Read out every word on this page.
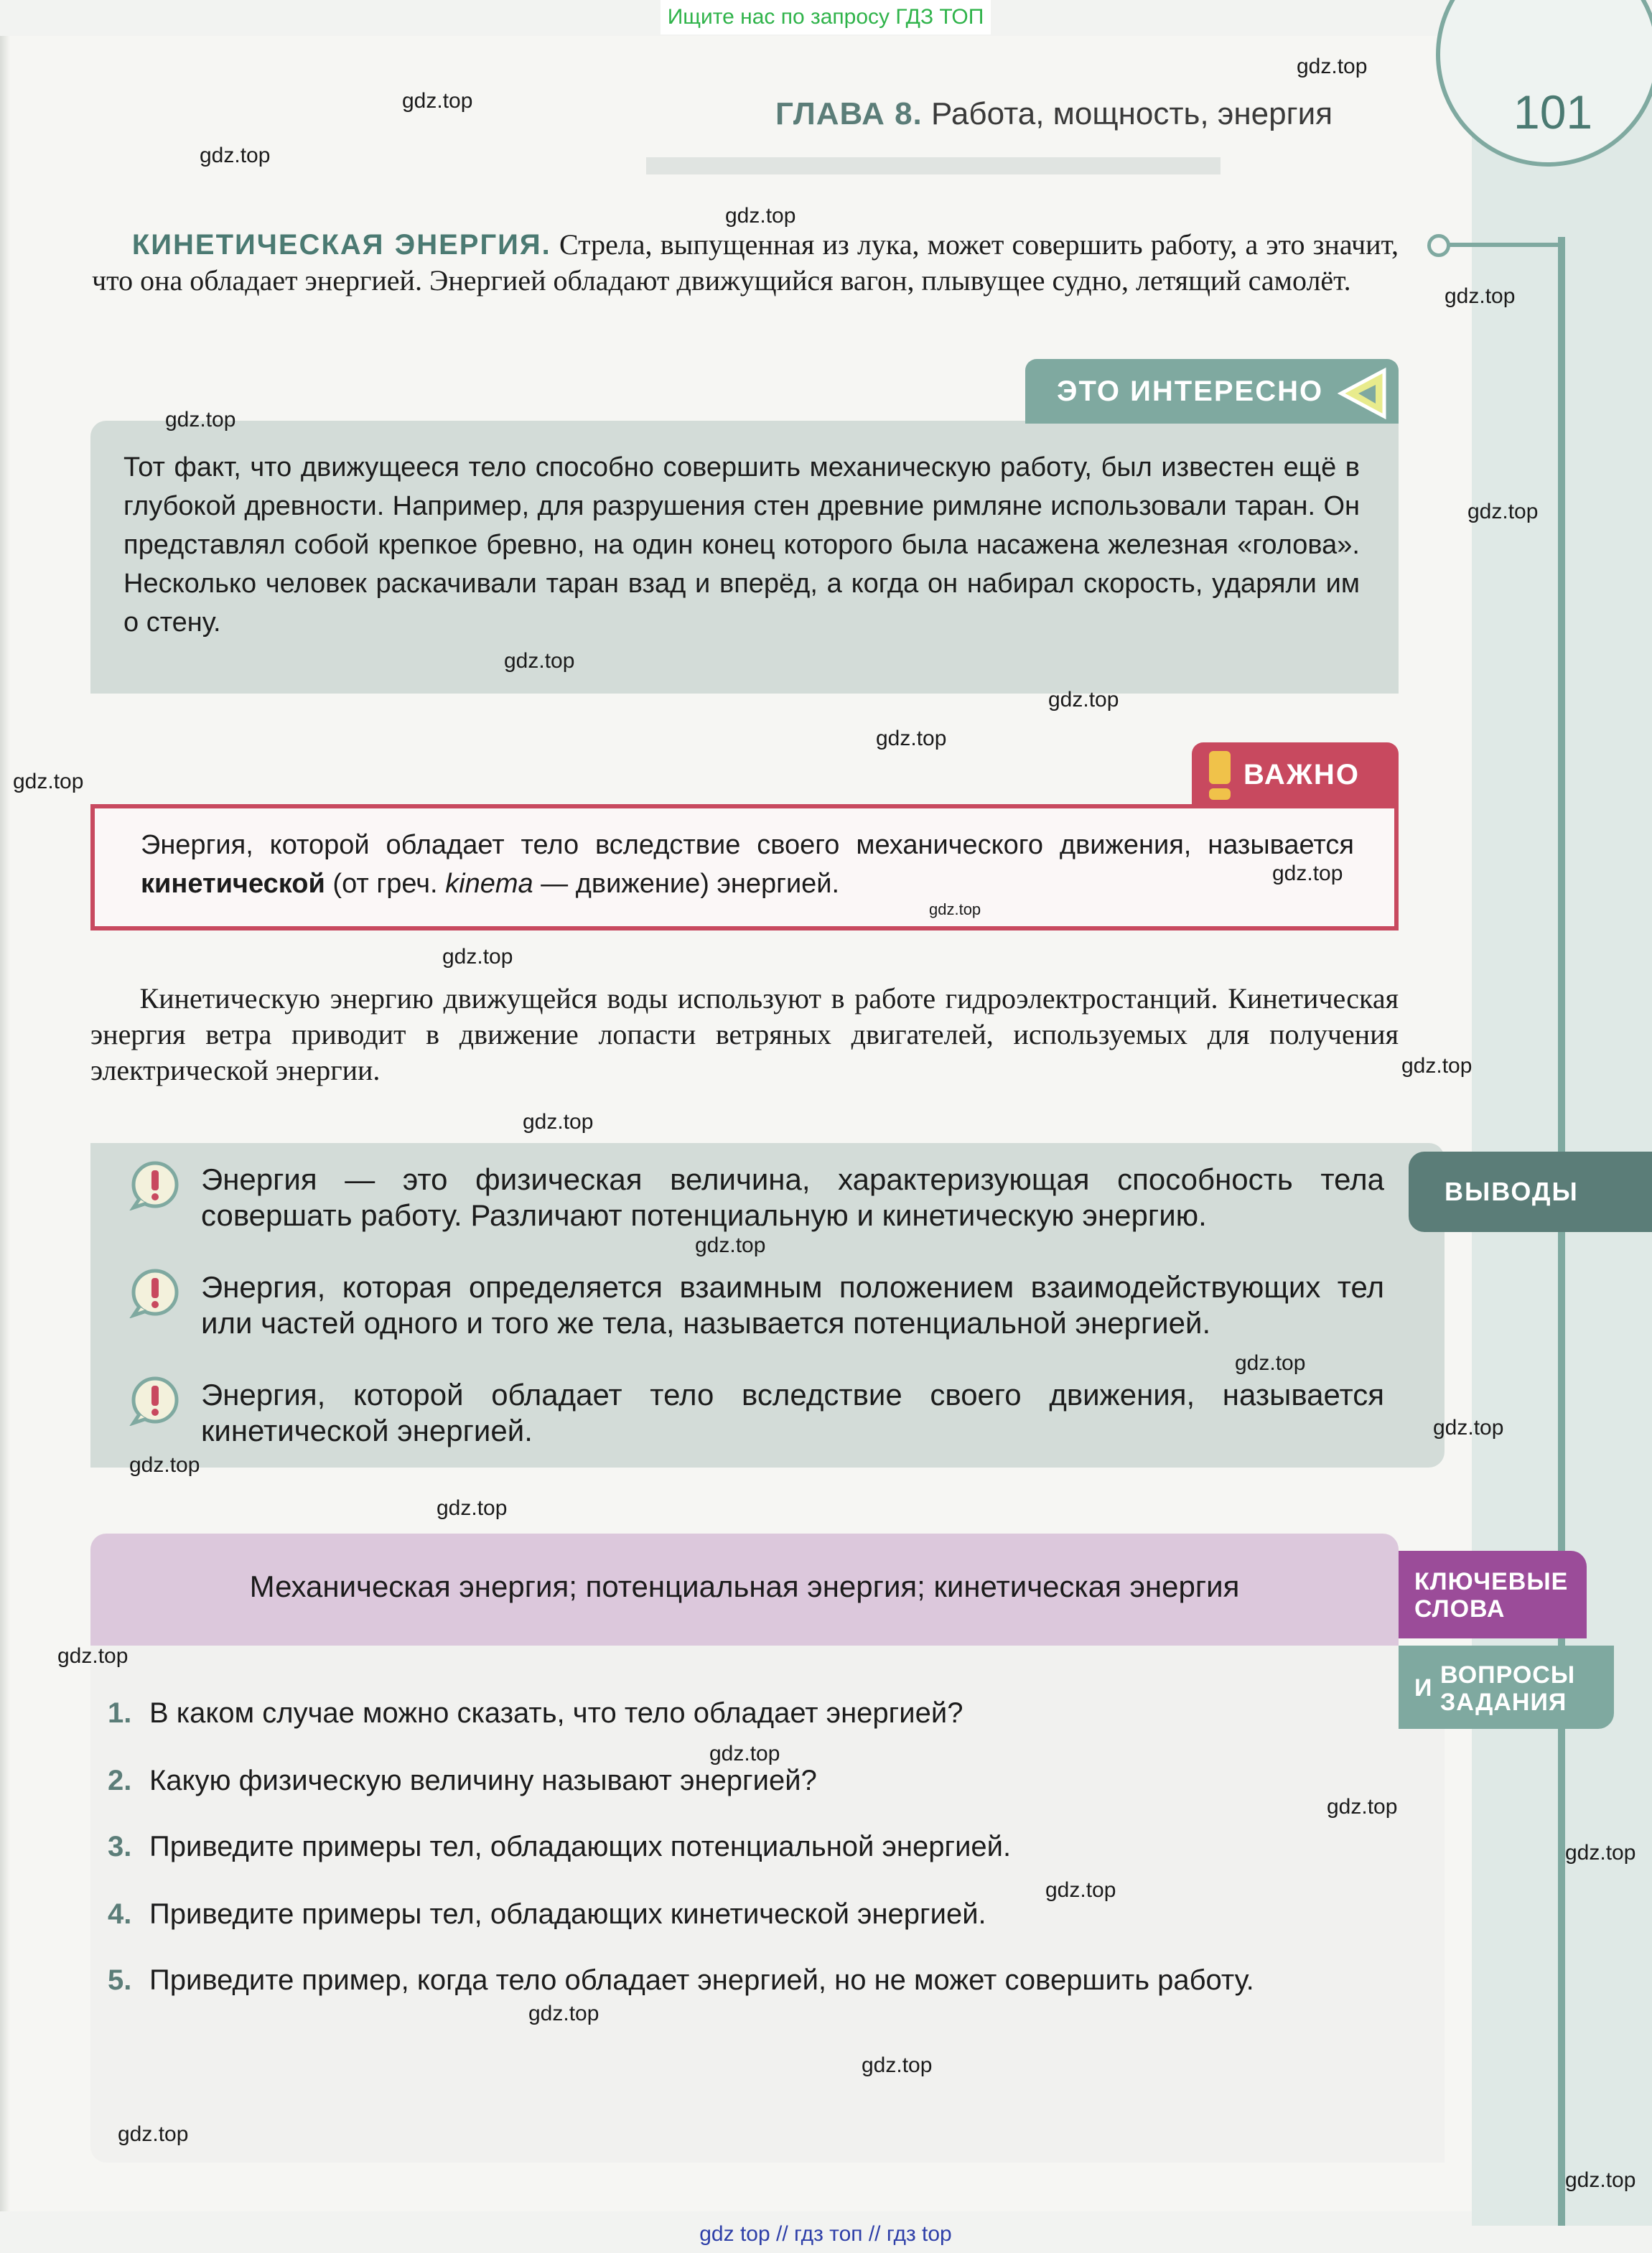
▬▬▬▬▬▬▬▬▬▬
Ищите нас по запросу ГДЗ ТОП
gdz top // гдз топ // гдз top
ГЛАВА 8. Работа, мощность, энергия	101
КИНЕТИЧЕСКАЯ ЭНЕРГИЯ. Стрела, выпущенная из лука, может совершить работу, а это значит, что она обладает энергией. Энергией обладают движущийся вагон, плывущее судно, летящий самолёт.
ЭТО ИНТЕРЕСНО
Тот факт, что движущееся тело способно совершить механическую работу, был известен ещё в глубокой древности. Например, для разрушения стен древние римляне использовали таран. Он представлял собой крепкое бревно, на один конец которого была насажена железная «голова». Несколько человек раскачивали таран взад и вперёд, а когда он набирал скорость, ударяли им о стену.
ВАЖНО
Энергия, которой обладает тело вследствие своего механического движения, называется кинетической (от греч. kinema — движение) энергией.
Кинетическую энергию движущейся воды используют в работе гидроэлектростанций. Кинетическая энергия ветра приводит в движение лопасти ветряных двигателей, используемых для получения электрической энергии.
ВЫВОДЫ
Энергия — это физическая величина, характеризующая способность тела совершать работу. Различают потенциальную и кинетическую энергию.
Энергия, которая определяется взаимным положением взаимодействующих тел или частей одного и того же тела, называется потенциальной энергией.
Энергия, которой обладает тело вследствие своего движения, называется кинетической энергией.
Механическая энергия; потенциальная энергия; кинетическая энергия	КЛЮЧЕВЫЕ
СЛОВА
И ВОПРОСЫ
ЗАДАНИЯ
1. В каком случае можно сказать, что тело обладает энергией?
2. Какую физическую величину называют энергией?
3. Приведите примеры тел, обладающих потенциальной энергией.
4. Приведите примеры тел, обладающих кинетической энергией.
5. Приведите пример, когда тело обладает энергией, но не может совершить работу.
gdz.top
gdz.top
gdz.top
gdz.top
gdz.top
gdz.top
gdz.top
gdz.top
gdz.top
gdz.top
gdz.top
gdz.top
gdz.top
gdz.top
gdz.top
gdz.top
gdz.top
gdz.top
gdz.top
gdz.top
gdz.top
gdz.top
gdz.top
gdz.top
gdz.top
gdz.top
gdz.top
gdz.top
gdz.top
gdz.top
